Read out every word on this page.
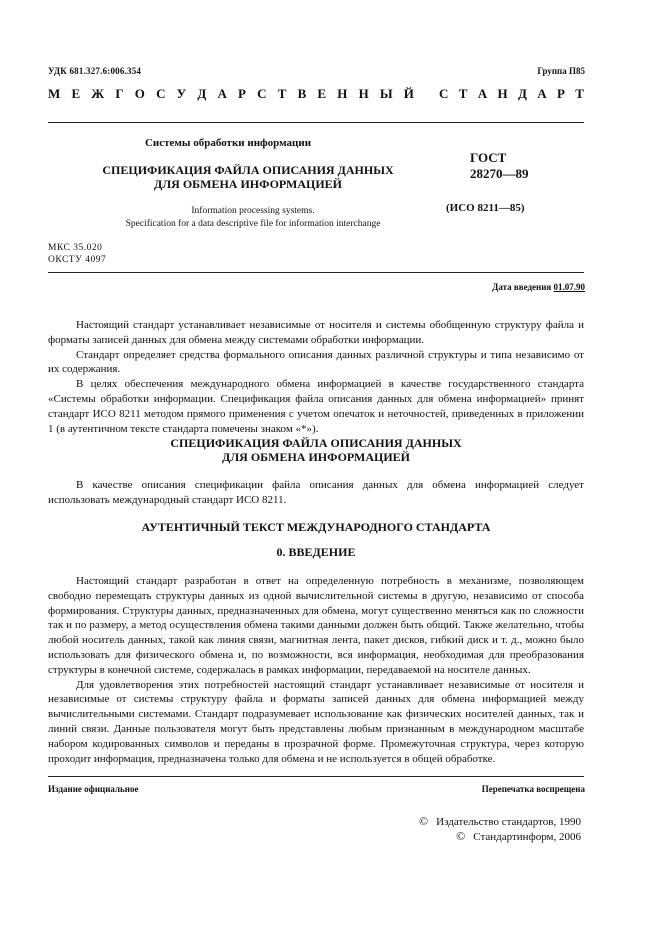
УДК 681.327.6:006.354	Группа П85
М Е Ж Г О С У Д А Р С Т В Е Н Н Ы Й С Т А Н Д А Р Т
Системы обработки информации
СПЕЦИФИКАЦИЯ ФАЙЛА ОПИСАНИЯ ДАННЫХ
ДЛЯ ОБМЕНА ИНФОРМАЦИЕЙ
Information processing systems.
Specification for a data descriptive file for information interchange
ГОСТ
28270—89
(ИСО 8211—85)
МКС 35.020
ОКСТУ 4097
Дата введения 01.07.90

Настоящий стандарт устанавливает независимые от носителя и системы обобщенную структуру файла и форматы записей данных для обмена между системами обработки информации.

Стандарт определяет средства формального описания данных различной структуры и типа независимо от их содержания.

В целях обеспечения международного обмена информацией в качестве государственного стандарта «Системы обработки информации. Спецификация файла описания данных для обмена информацией» принят стандарт ИСО 8211 методом прямого применения с учетом опечаток и неточностей, приведенных в приложении 1 (в аутентичном тексте стандарта помечены знаком «*»).

СПЕЦИФИКАЦИЯ ФАЙЛА ОПИСАНИЯ ДАННЫХ
ДЛЯ ОБМЕНА ИНФОРМАЦИЕЙ

В качестве описания спецификации файла описания данных для обмена информацией следует использовать международный стандарт ИСО 8211.

АУТЕНТИЧНЫЙ ТЕКСТ МЕЖДУНАРОДНОГО СТАНДАРТА
0. ВВЕДЕНИЕ

Настоящий стандарт разработан в ответ на определенную потребность в механизме, позволяющем свободно перемещать структуры данных из одной вычислительной системы в другую, независимо от способа формирования. Структуры данных, предназначенных для обмена, могут существенно меняться как по сложности так и по размеру, а метод осуществления обмена такими данными должен быть общий. Также желательно, чтобы любой носитель данных, такой как линия связи, магнитная лента, пакет дисков, гибкий диск и т. д., можно было использовать для физического обмена и, по возможности, вся информация, необходимая для преобразования структуры в конечной системе, содержалась в рамках информации, передаваемой на носителе данных.

Для удовлетворения этих потребностей настоящий стандарт устанавливает независимые от носителя и независимые от системы структуру файла и форматы записей данных для обмена информацией между вычислительными системами. Стандарт подразумевает использование как физических носителей данных, так и линий связи. Данные пользователя могут быть представлены любым признанным в международном масштабе набором кодированных символов и переданы в прозрачной форме. Промежуточная структура, через которую проходит информация, предназначена только для обмена и не используется в общей обработке.

Издание официальное	Перепечатка воспрещена
© Издательство стандартов, 1990
© Стандартинформ, 2006
